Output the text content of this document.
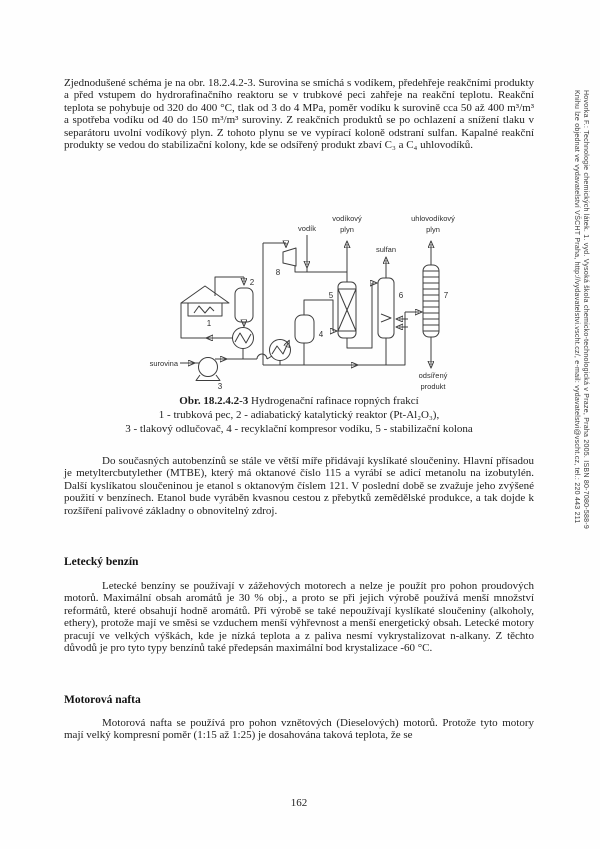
Zjednodušené schéma je na obr. 18.2.4.2-3. Surovina se smíchá s vodíkem, předehřeje reakčními produkty a před vstupem do hydrorafinačního reaktoru se v trubkové peci zahřeje na reakční teplotu. Reakční teplota se pohybuje od 320 do 400 °C, tlak od 3 do 4 MPa, poměr vodíku k surovině cca 50 až 400 m³/m³ a spotřeba vodíku od 40 do 150 m³/m³ suroviny. Z reakčních produktů se po ochlazení a snížení tlaku v separátoru uvolní vodíkový plyn. Z tohoto plynu se ve vypírací koloně odstraní sulfan. Kapalné reakční produkty se vedou do stabilizační kolony, kde se odsířený produkt zbaví C₃ a C₄ uhlovodíků.
vodík
vodíkový
plyn
uhlovodíkový
plyn
sulfan
surovina
odsířený
produkt
1
2
3
4
5	6	7
8
Obr. 18.2.4.2-3 Hydrogenační rafinace ropných frakcí
1 - trubková pec, 2 - adiabatický katalytický reaktor (Pt-Al₂O₃),
3 - tlakový odlučovač, 4 - recyklační kompresor vodíku, 5 - stabilizační kolona
Do současných autobenzínů se stále ve větší míře přidávají kyslíkaté sloučeniny. Hlavní přísadou je metyltercbutylether (MTBE), který má oktanové číslo 115 a vyrábí se adicí metanolu na izobutylén. Další kyslíkatou sloučeninou je etanol s oktanovým číslem 121. V poslední době se zvažuje jeho zvýšené použití v benzínech. Etanol bude vyráběn kvasnou cestou z přebytků zemědělské produkce, a tak dojde k rozšíření palivové základny o obnovitelný zdroj.
Letecký benzín
Letecké benzíny se používají v zážehových motorech a nelze je použít pro pohon proudových motorů. Maximální obsah aromátů je 30 % obj., a proto se při jejich výrobě používá menší množství reformátů, které obsahují hodně aromátů. Při výrobě se také nepoužívají kyslíkaté sloučeniny (alkoholy, ethery), protože mají ve směsi se vzduchem menší výhřevnost a menší energetický obsah. Letecké motory pracují ve velkých výškách, kde je nízká teplota a z paliva nesmí vykrystalizovat n-alkany. Z těchto důvodů je pro tyto typy benzínů také předepsán maximální bod krystalizace -60 °C.
Motorová nafta
Motorová nafta se používá pro pohon vznětových (Dieselových) motorů. Protože tyto motory mají velký kompresní poměr (1:15 až 1:25) je dosahována taková teplota, že se
162
Hovorka F.: Technologie chemických látek. 1. vyd. Vysoká škola chemicko-technologická v Praze, Praha 2005. ISBN 80-7080-588-9
Knihu lze objednat ve vydavatelství VŠCHT Praha, http://vydavatelstvi.vscht.cz/, e-mail: vydavatelstvi@vscht.cz, tel.: 220 443 211
